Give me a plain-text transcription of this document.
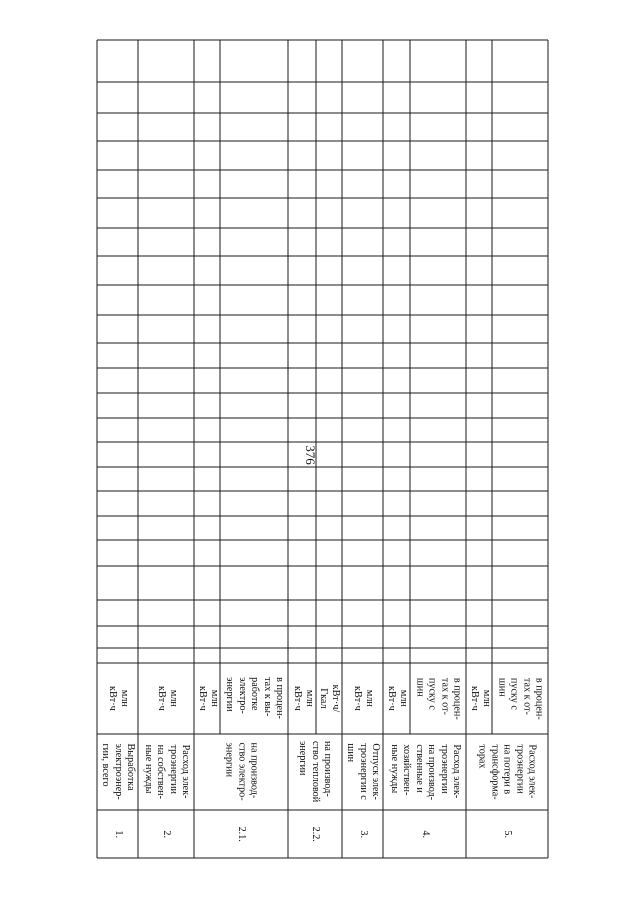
376
1.
Выработка
электроэнер-
гии, всего
млн
кВт·ч
2.
Расход элек-
троэнергии
на собствен-
ные нужды
млн
кВт·ч
2.1.
на производ-
ство электро-
энергии
млн
кВт·ч
в процен-
тах к вы-
работке
электро-
энергии
2.2.
на производ-
ство тепловой
энергии
млн
кВт·ч	кВт·ч/
Гкал
3.
Отпуск элек-
троэнергии с
шин
млн
кВт·ч
4.
Расход элек-
троэнергии
на производ-
ственные и
хозяйствен-
ные нужды
млн
кВт·ч
в процен-
тах к от-
пуску с
шин
5.
Расход элек-
троэнергии
на потери в
трансформа-
торах
млн
кВт·ч
в процен-
тах к от-
пуску с
шин
